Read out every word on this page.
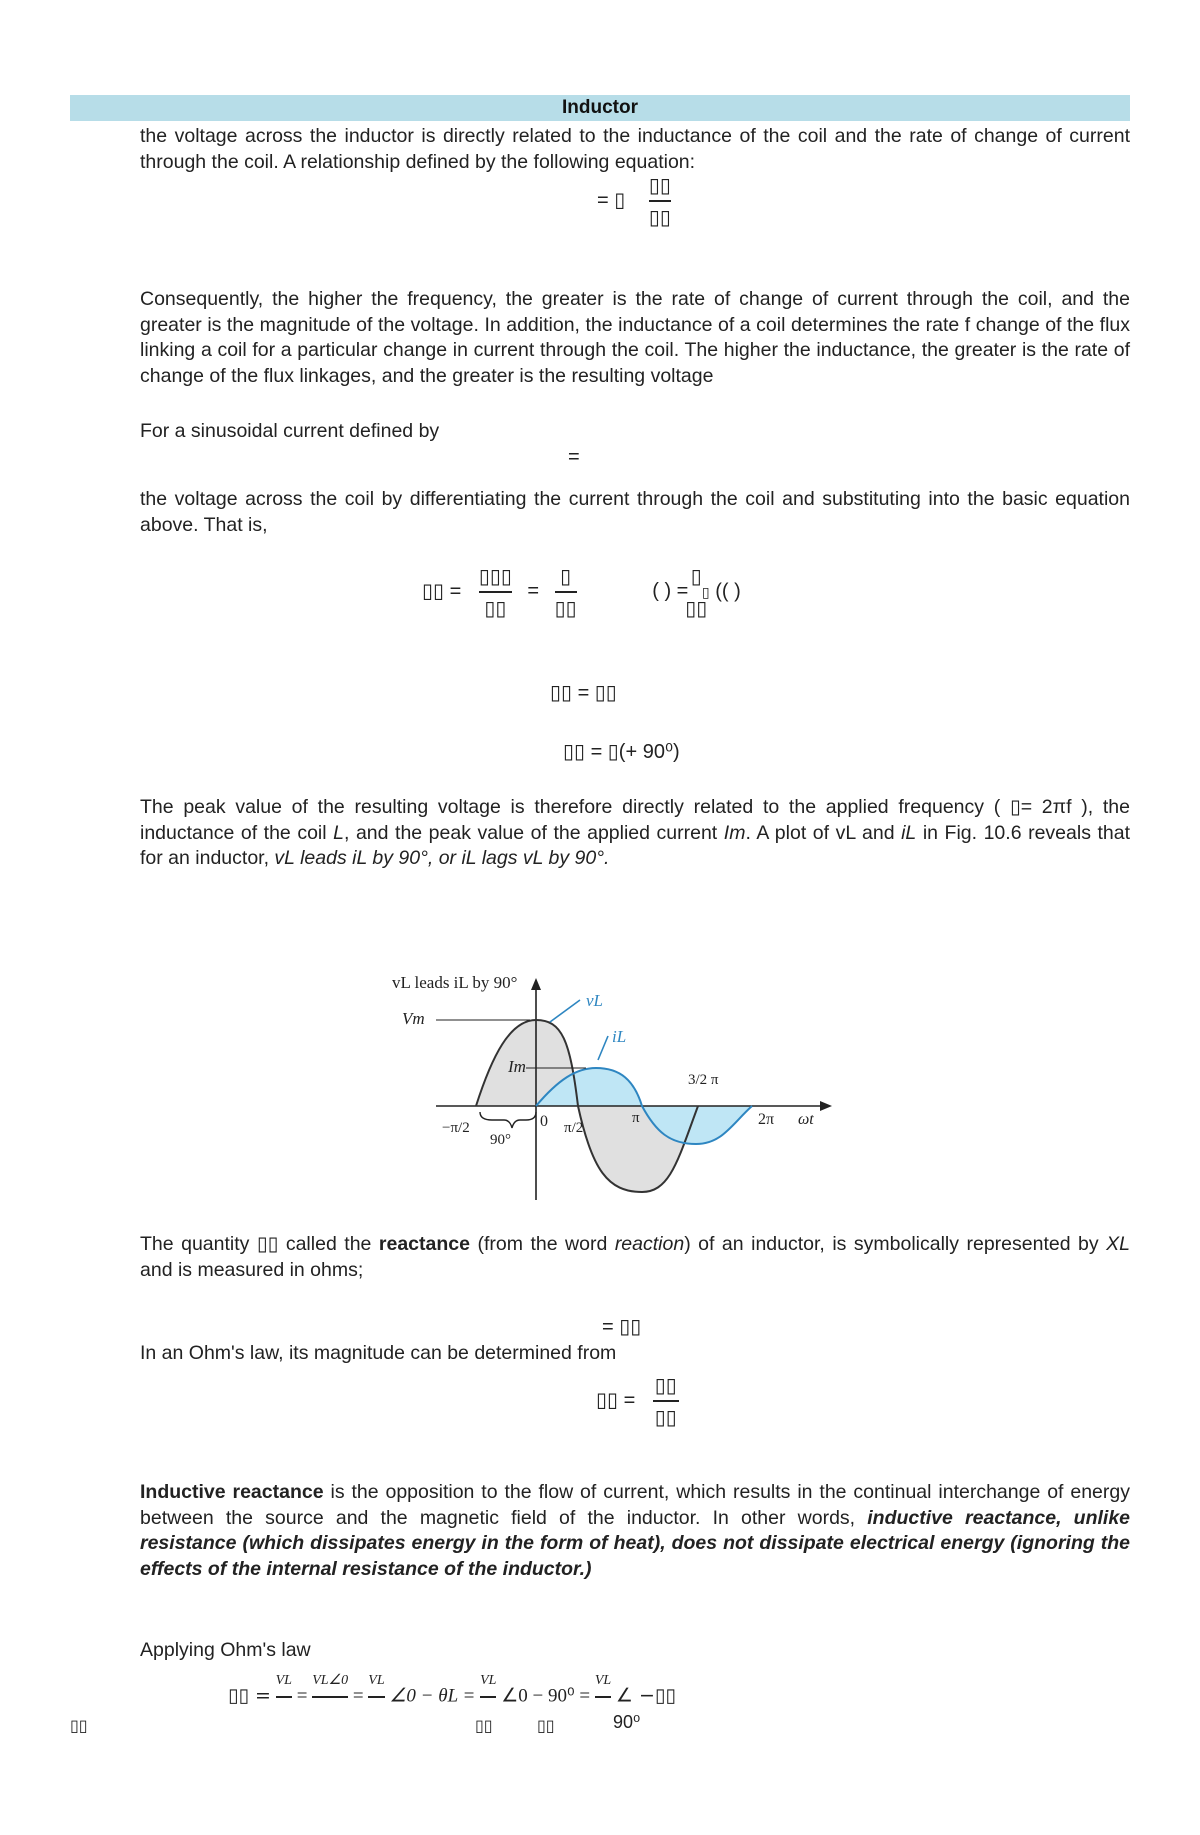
Inductor

the voltage across the inductor is directly related to the inductance of the coil and the rate of change of current through the coil. A relationship defined by the following equation:

= ▯ $\frac{▯▯}{▯▯}$

Consequently, the higher the frequency, the greater is the rate of change of current through the coil, and the greater is the magnitude of the voltage. In addition, the inductance of a coil determines the rate f change of the flux linking a coil for a particular change in current through the coil. The higher the inductance, the greater is the rate of change of the flux linkages, and the greater is the resulting voltage

For a sinusoidal current defined by

=

the voltage across the coil by differentiating the current through the coil and substituting into the basic equation above. That is,

▯▯ = $\frac{▯▯▯}{▯▯} = \frac{▯}{▯▯}$	( ) = ▯ (( )
$\frac{▯}{▯▯}$
▯▯ = ▯▯
▯▯ = ▯(+ 90⁰)

The peak value of the resulting voltage is therefore directly related to the applied frequency ( ▯= 2πf ), the inductance of the coil L, and the peak value of the applied current Im. A plot of vL and iL in Fig. 10.6 reveals that for an inductor, vL leads iL by 90°, or iL lags vL by 90°.

vL leads iL by 90°
vL
iL
Vm
Im
0
−π/2	π/2
π
3/2 π
2π ωt
90°

The quantity ▯▯ called the reactance (from the word reaction) of an inductor, is symbolically represented by XL and is measured in ohms;

= ▯▯

In an Ohm's law, its magnitude can be determined from

▯▯ = $\frac{▯▯}{▯▯}$

Inductive reactance is the opposition to the flow of current, which results in the continual interchange of energy between the source and the magnetic field of the inductor. In other words, inductive reactance, unlike resistance (which dissipates energy in the form of heat), does not dissipate electrical energy (ignoring the effects of the internal resistance of the inductor.)

Applying Ohm's law

▯▯ =
VL

=
VL∠0

=
VL

∠0 − θL =
VL

∠0 − 90⁰ =
VL

∠ −▯▯
▯▯	▯▯	▯▯	90⁰
